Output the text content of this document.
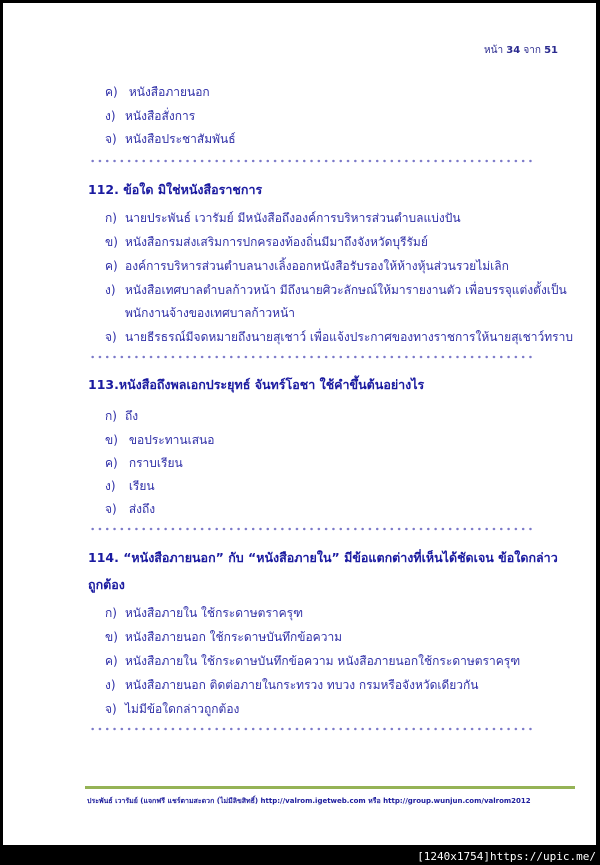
หน้า 34 จาก 51
ค) หนังสือภายนอก
ง) หนังสือสั่งการ
จ) หนังสือประชาสัมพันธ์
112. ข้อใด มิใช่หนังสือราชการ
ก) นายประพันธ์ เวารัมย์ มีหนังสือถึงองค์การบริหารส่วนตำบลแบ่งปัน
ข) หนังสือกรมส่งเสริมการปกครองท้องถิ่นมีมาถึงจังหวัดบุรีรัมย์
ค) องค์การบริหารส่วนตำบลนางเลิ้งออกหนังสือรับรองให้ห้างหุ้นส่วนรวยไม่เลิก
ง) หนังสือเทศบาลตำบลก้าวหน้า มีถึงนายศิวะลักษณ์ให้มารายงานตัว เพื่อบรรจุแต่งตั้งเป็น
พนักงานจ้างของเทศบาลก้าวหน้า
จ) นายธีรธรณ์มีจดหมายถึงนายสุเชาว์ เพื่อแจ้งประกาศของทางราชการให้นายสุเชาว์ทราบ
113.หนังสือถึงพลเอกประยุทธ์ จันทร์โอชา ใช้คำขึ้นต้นอย่างไร
ก) ถึง
ข) ขอประทานเสนอ
ค) กราบเรียน
ง) เรียน
จ) ส่งถึง
114. “หนังสือภายนอก” กับ “หนังสือภายใน” มีข้อแตกต่างที่เห็นได้ชัดเจน ข้อใดกล่าว
ถูกต้อง
ก) หนังสือภายใน ใช้กระดาษตราครุฑ
ข) หนังสือภายนอก ใช้กระดาษบันทึกข้อความ
ค) หนังสือภายใน ใช้กระดาษบันทึกข้อความ หนังสือภายนอกใช้กระดาษตราครุฑ
ง) หนังสือภายนอก ติดต่อภายในกระทรวง ทบวง กรมหรือจังหวัดเดียวกัน
จ) ไม่มีข้อใดกล่าวถูกต้อง
ประพันธ์ เวารัมย์ (แจกฟรี แชร์ตามสะดวก (ไม่มีลิขสิทธิ์) http://valrom.igetweb.com หรือ http://group.wunjun.com/valrom2012
[1240x1754]https://upic.me/
